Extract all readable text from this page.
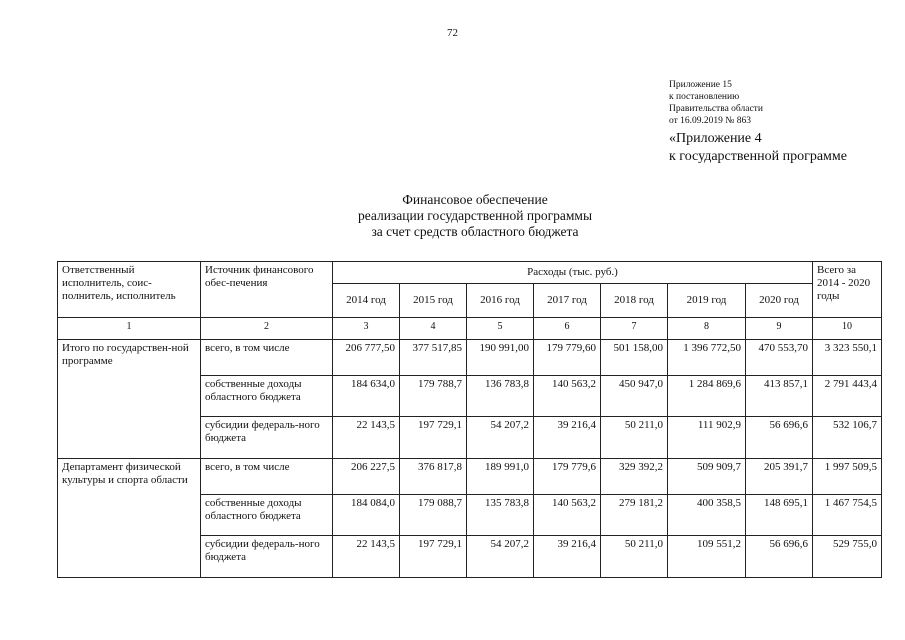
72
Приложение 15
к постановлению
Правительства области
от 16.09.2019 № 863
«Приложение 4
к государственной программе
Финансовое обеспечение
реализации государственной программы
за счет средств областного бюджета
Ответственный исполнитель, соис-полнитель, исполнитель	Источник финансового обес-печения	Расходы (тыс. руб.)							Всего за 2014 - 2020 годы
		2014 год	2015 год	2016 год	2017 год	2018 год	2019 год	2020 год	
1	2	3	4	5	6	7	8	9	10
Итого по государствен-ной программе	всего, в том числе	206 777,50	377 517,85	190 991,00	179 779,60	501 158,00	1 396 772,50	470 553,70	3 323 550,1
	собственные доходы областного бюджета	184 634,0	179 788,7	136 783,8	140 563,2	450 947,0	1 284 869,6	413 857,1	2 791 443,4
	субсидии федераль-ного бюджета	22 143,5	197 729,1	54 207,2	39 216,4	50 211,0	111 902,9	56 696,6	532 106,7
Департамент физической культуры и спорта области	всего, в том числе	206 227,5	376 817,8	189 991,0	179 779,6	329 392,2	509 909,7	205 391,7	1 997 509,5
	собственные доходы областного бюджета	184 084,0	179 088,7	135 783,8	140 563,2	279 181,2	400 358,5	148 695,1	1 467 754,5
	субсидии федераль-ного бюджета	22 143,5	197 729,1	54 207,2	39 216,4	50 211,0	109 551,2	56 696,6	529 755,0
